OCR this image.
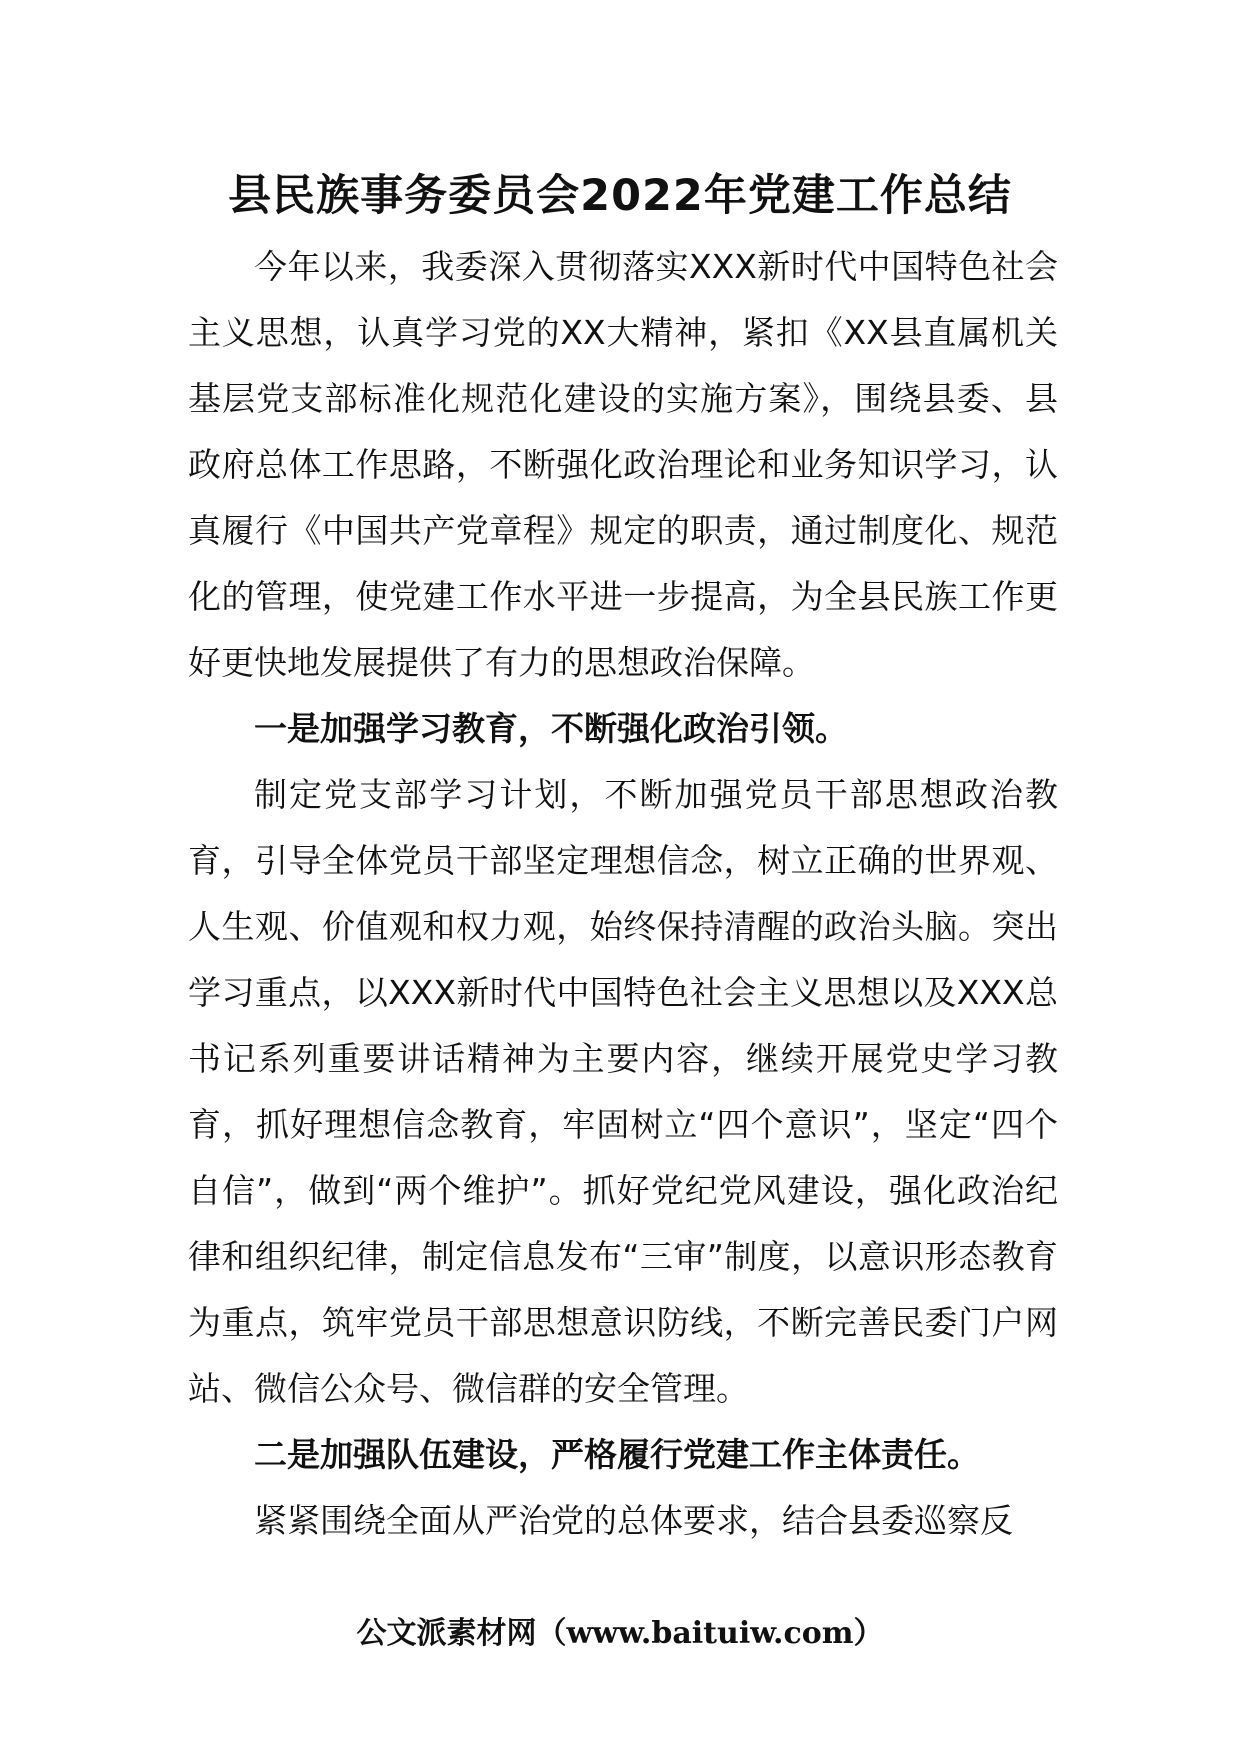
县民族事务委员会2022年党建工作总结

今年以来，我委深入贯彻落实XXX新时代中国特色社会主义思想，认真学习党的XX大精神，紧扣《XX县直属机关基层党支部标准化规范化建设的实施方案》，围绕县委、县政府总体工作思路，不断强化政治理论和业务知识学习，认真履行《中国共产党章程》规定的职责，通过制度化、规范化的管理，使党建工作水平进一步提高，为全县民族工作更好更快地发展提供了有力的思想政治保障。

一是加强学习教育，不断强化政治引领。

制定党支部学习计划，不断加强党员干部思想政治教育，引导全体党员干部坚定理想信念，树立正确的世界观、人生观、价值观和权力观，始终保持清醒的政治头脑。突出学习重点，以XXX新时代中国特色社会主义思想以及XXX总书记系列重要讲话精神为主要内容，继续开展党史学习教育，抓好理想信念教育，牢固树立“四个意识”，坚定“四个自信”，做到“两个维护”。抓好党纪党风建设，强化政治纪律和组织纪律，制定信息发布“三审”制度，以意识形态教育为重点，筑牢党员干部思想意识防线，不断完善民委门户网站、微信公众号、微信群的安全管理。

二是加强队伍建设，严格履行党建工作主体责任。

紧紧围绕全面从严治党的总体要求，结合县委巡察反

公文派素材网（www.baituiw.com）
